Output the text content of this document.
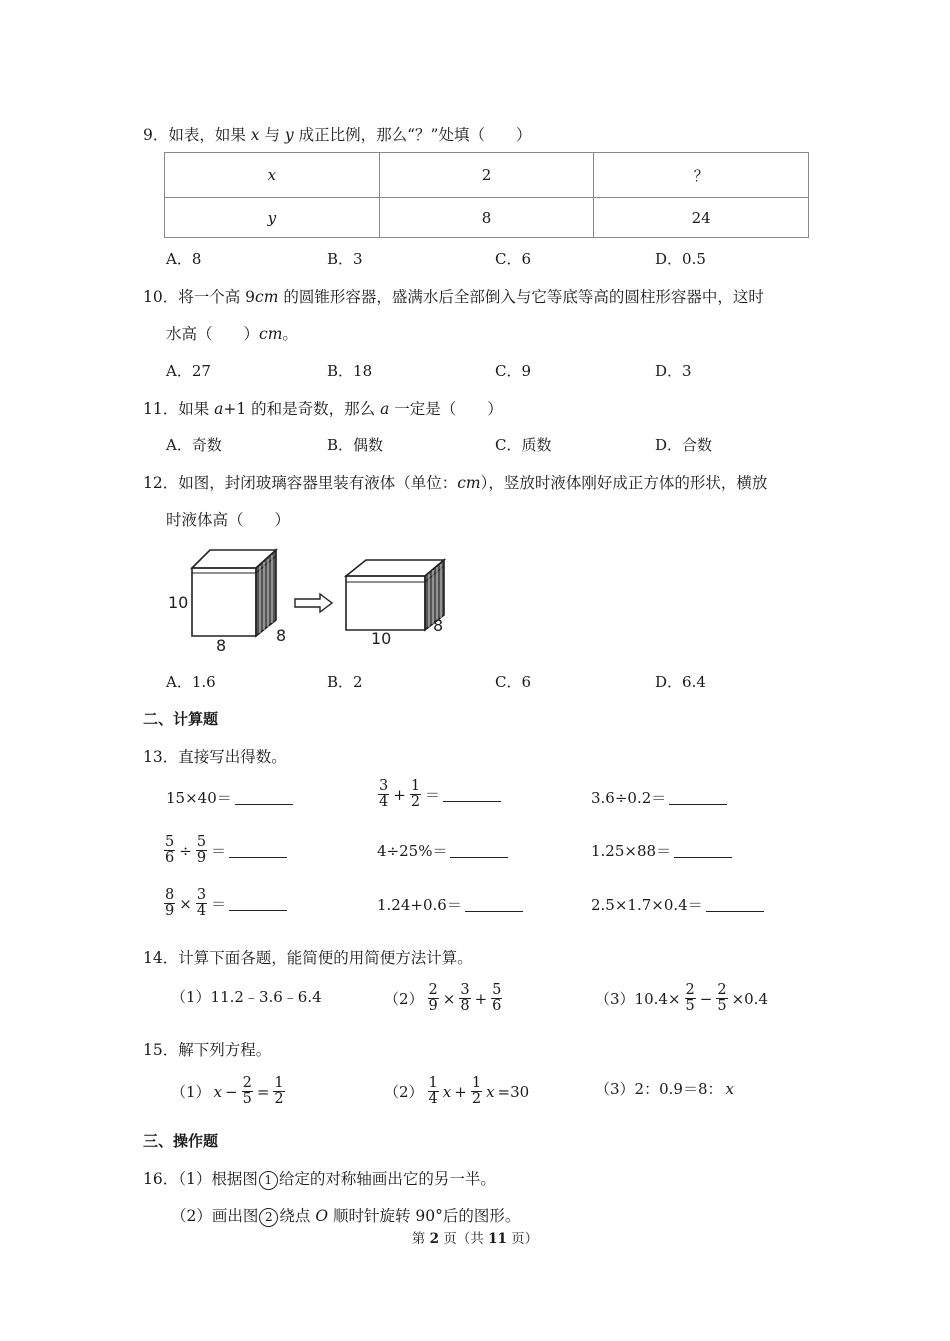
9．如表，如果 x 与 y 成正比例，那么“？”处填（　　）
x	2	？
y	8	24
A．8	B．3	C．6	D．0.5
10．将一个高 9cm 的圆锥形容器，盛满水后全部倒入与它等底等高的圆柱形容器中，这时
水高（　　）cm。
A．27	B．18	C．9	D．3
11．如果 a+1 的和是奇数，那么 a 一定是（　　）
A．奇数	B．偶数	C．质数	D．合数
12．如图，封闭玻璃容器里装有液体（单位：cm），竖放时液体刚好成正方体的形状，横放
时液体高（　　）
10
8
8	10
8
A．1.6	B．2	C．6	D．6.4
二、计算题
13．直接写出得数。
15×40＝	$\frac{3}{4} + \frac{1}{2}$ ＝	3.6÷0.2＝
$\frac{5}{6} \div \frac{5}{9}$ ＝	4÷25%＝	1.25×88＝
$\frac{8}{9} \times \frac{3}{4}$ ＝	1.24+0.6＝	2.5×1.7×0.4＝
14．计算下面各题，能简便的用简便方法计算。
（1）11.2﹣3.6﹣6.4	$(2) \frac{2}{9} \times \frac{3}{8} + \frac{5}{6}$	$(3)10.4\times \frac{2}{5} - \frac{2}{5} \times 0.4$
15．解下列方程。
（1） $x - \frac{2}{5} = \frac{1}{2}$	$(2) \frac{1}{4}$ $x + \frac{1}{2}$ x =30	（3）2：0.9＝8： x
三、操作题
16．（1）根据图 1 给定的对称轴画出它的另一半。
（2）画出图 2 绕点 O 顺时针旋转 90°后的图形。
第 2 页（共 11 页）
